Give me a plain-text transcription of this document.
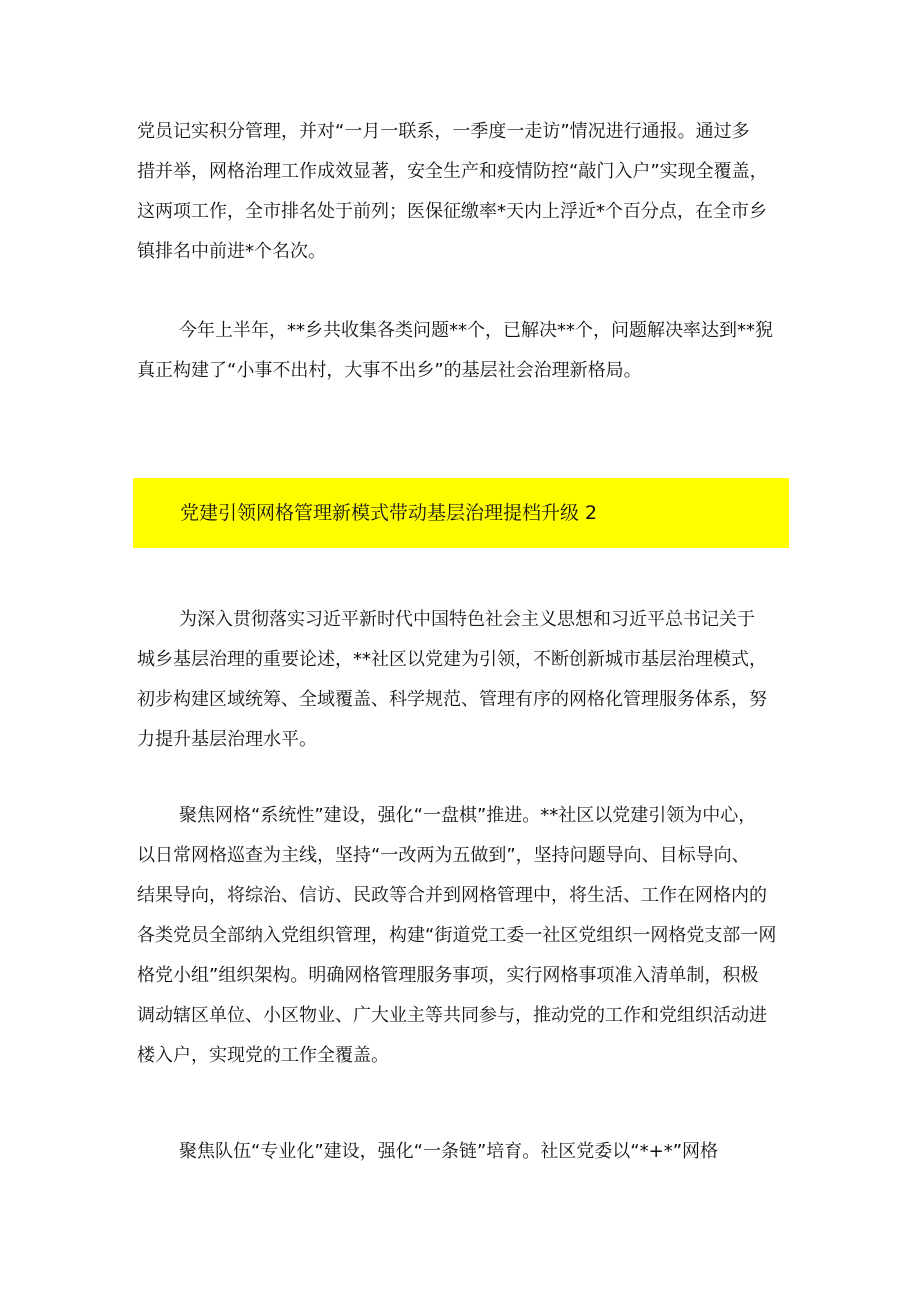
党员记实积分管理，并对“一月一联系，一季度一走访”情况进行通报。通过多
措并举，网格治理工作成效显著，安全生产和疫情防控“敲门入户”实现全覆盖，
这两项工作，全市排名处于前列；医保征缴率*天内上浮近*个百分点，在全市乡
镇排名中前进*个名次。
今年上半年，**乡共收集各类问题**个，已解决**个，问题解决率达到**猊
真正构建了“小事不出村，大事不出乡”的基层社会治理新格局。
党建引领网格管理新模式带动基层治理提档升级 2
为深入贯彻落实习近平新时代中国特色社会主义思想和习近平总书记关于
城乡基层治理的重要论述，**社区以党建为引领，不断创新城市基层治理模式，
初步构建区域统筹、全域覆盖、科学规范、管理有序的网格化管理服务体系，努
力提升基层治理水平。
聚焦网格“系统性”建设，强化“一盘棋”推进。**社区以党建引领为中心，
以日常网格巡查为主线，坚持“一改两为五做到”，坚持问题导向、目标导向、
结果导向，将综治、信访、民政等合并到网格管理中，将生活、工作在网格内的
各类党员全部纳入党组织管理，构建“街道党工委一社区党组织一网格党支部一网
格党小组”组织架构。明确网格管理服务事项，实行网格事项准入清单制，积极
调动辖区单位、小区物业、广大业主等共同参与，推动党的工作和党组织活动进
楼入户，实现党的工作全覆盖。
聚焦队伍“专业化”建设，强化“一条链”培育。社区党委以“*+*”网格
